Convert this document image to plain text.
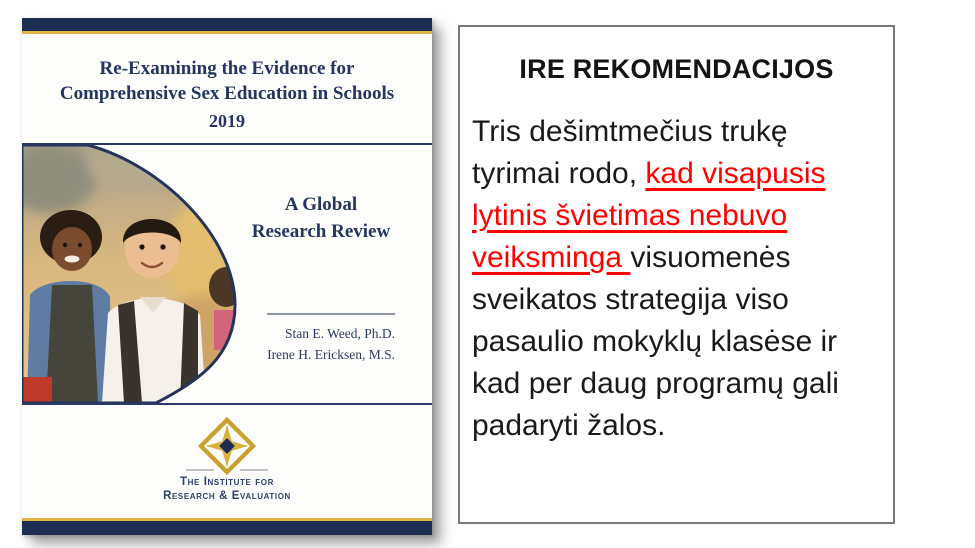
Re-Examining the Evidence for
Comprehensive Sex Education in Schools
2019
A Global
Research Review
Stan E. Weed, Ph.D.
Irene H. Ericksen, M.S.
The Institute for
Research & Evaluation
IRE REKOMENDACIJOS

Tris dešimtmečius trukę tyrimai rodo, kad visapusis lytinis švietimas nebuvo veiksminga visuomenės sveikatos strategija viso pasaulio mokyklų klasėse ir kad per daug programų gali padaryti žalos.
